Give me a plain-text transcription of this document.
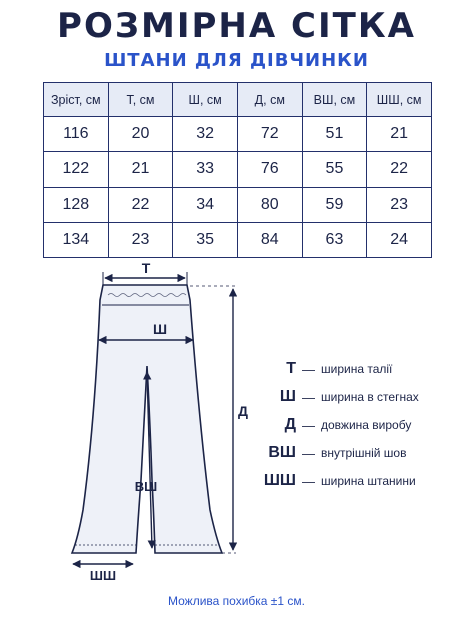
РОЗМІРНА СІТКА
ШТАНИ ДЛЯ ДІВЧИНКИ
Зріст, см	Т, см	Ш, см	Д, см	ВШ, см	ШШ, см
116	20	32	72	51	21
122	21	33	76	55	22
128	22	34	80	59	23
134	23	35	84	63	24
Т
Ш
Д
ВШ
ШШ
Т — ширина талії
Ш — ширина в стегнах
Д — довжина виробу
ВШ — внутрішній шов
ШШ — ширина штанини
Можлива похибка ±1 см.
